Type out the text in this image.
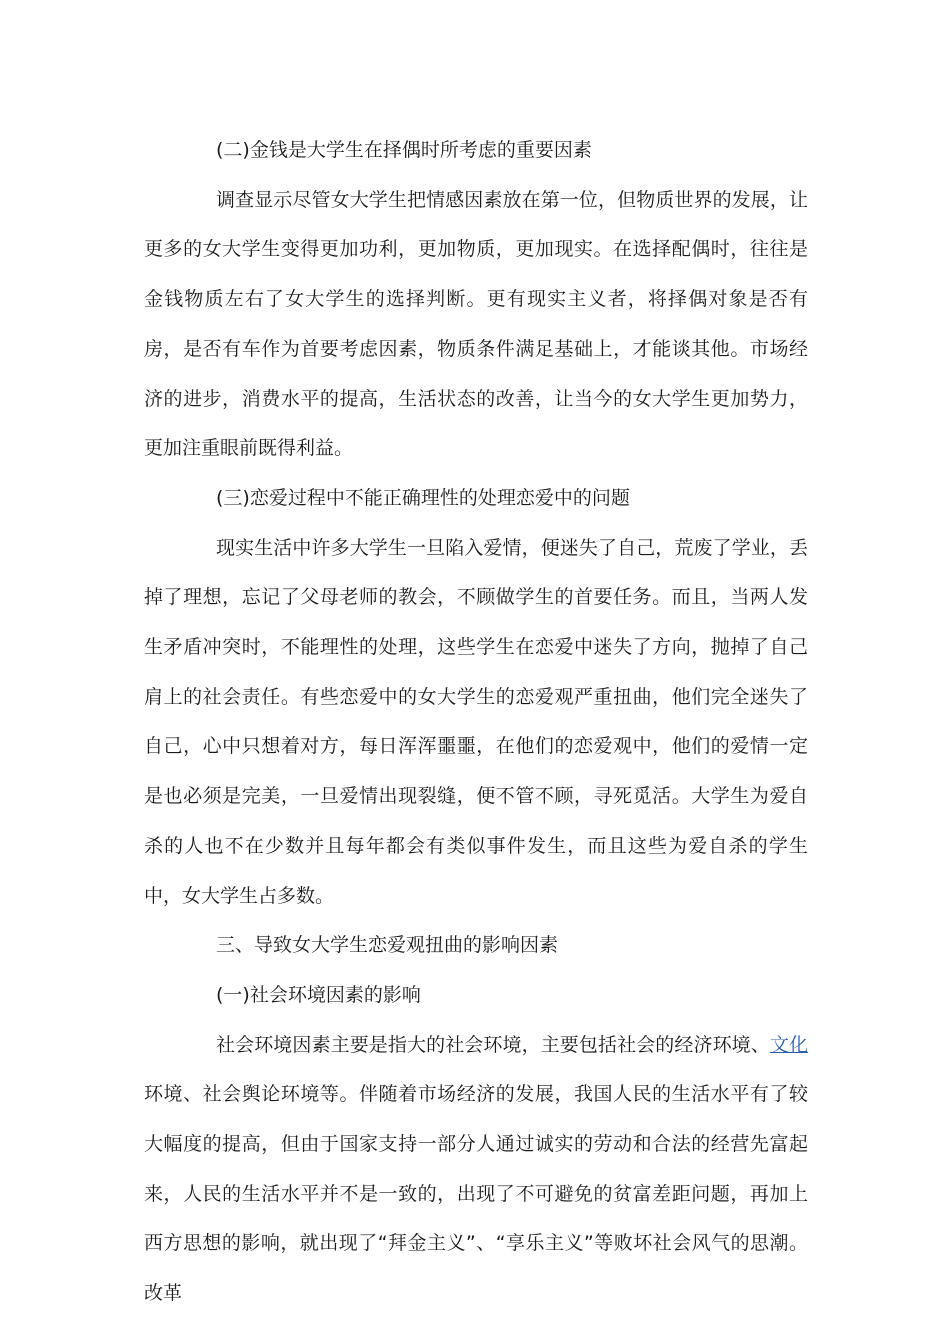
(二)金钱是大学生在择偶时所考虑的重要因素

调查显示尽管女大学生把情感因素放在第一位，但物质世界的发展，让更多的女大学生变得更加功利，更加物质，更加现实。在选择配偶时，往往是金钱物质左右了女大学生的选择判断。更有现实主义者，将择偶对象是否有房，是否有车作为首要考虑因素，物质条件满足基础上，才能谈其他。市场经济的进步，消费水平的提高，生活状态的改善，让当今的女大学生更加势力，更加注重眼前既得利益。

(三)恋爱过程中不能正确理性的处理恋爱中的问题

现实生活中许多大学生一旦陷入爱情，便迷失了自己，荒废了学业，丢掉了理想，忘记了父母老师的教会，不顾做学生的首要任务。而且，当两人发生矛盾冲突时，不能理性的处理，这些学生在恋爱中迷失了方向，抛掉了自己肩上的社会责任。有些恋爱中的女大学生的恋爱观严重扭曲，他们完全迷失了自己，心中只想着对方，每日浑浑噩噩，在他们的恋爱观中，他们的爱情一定是也必须是完美，一旦爱情出现裂缝，便不管不顾，寻死觅活。大学生为爱自杀的人也不在少数并且每年都会有类似事件发生，而且这些为爱自杀的学生中，女大学生占多数。

三、导致女大学生恋爱观扭曲的影响因素

(一)社会环境因素的影响

社会环境因素主要是指大的社会环境，主要包括社会的经济环境、文化环境、社会舆论环境等。伴随着市场经济的发展，我国人民的生活水平有了较大幅度的提高，但由于国家支持一部分人通过诚实的劳动和合法的经营先富起来，人民的生活水平并不是一致的，出现了不可避免的贫富差距问题，再加上西方思想的影响，就出现了“拜金主义”、“享乐主义”等败坏社会风气的思潮。改革
